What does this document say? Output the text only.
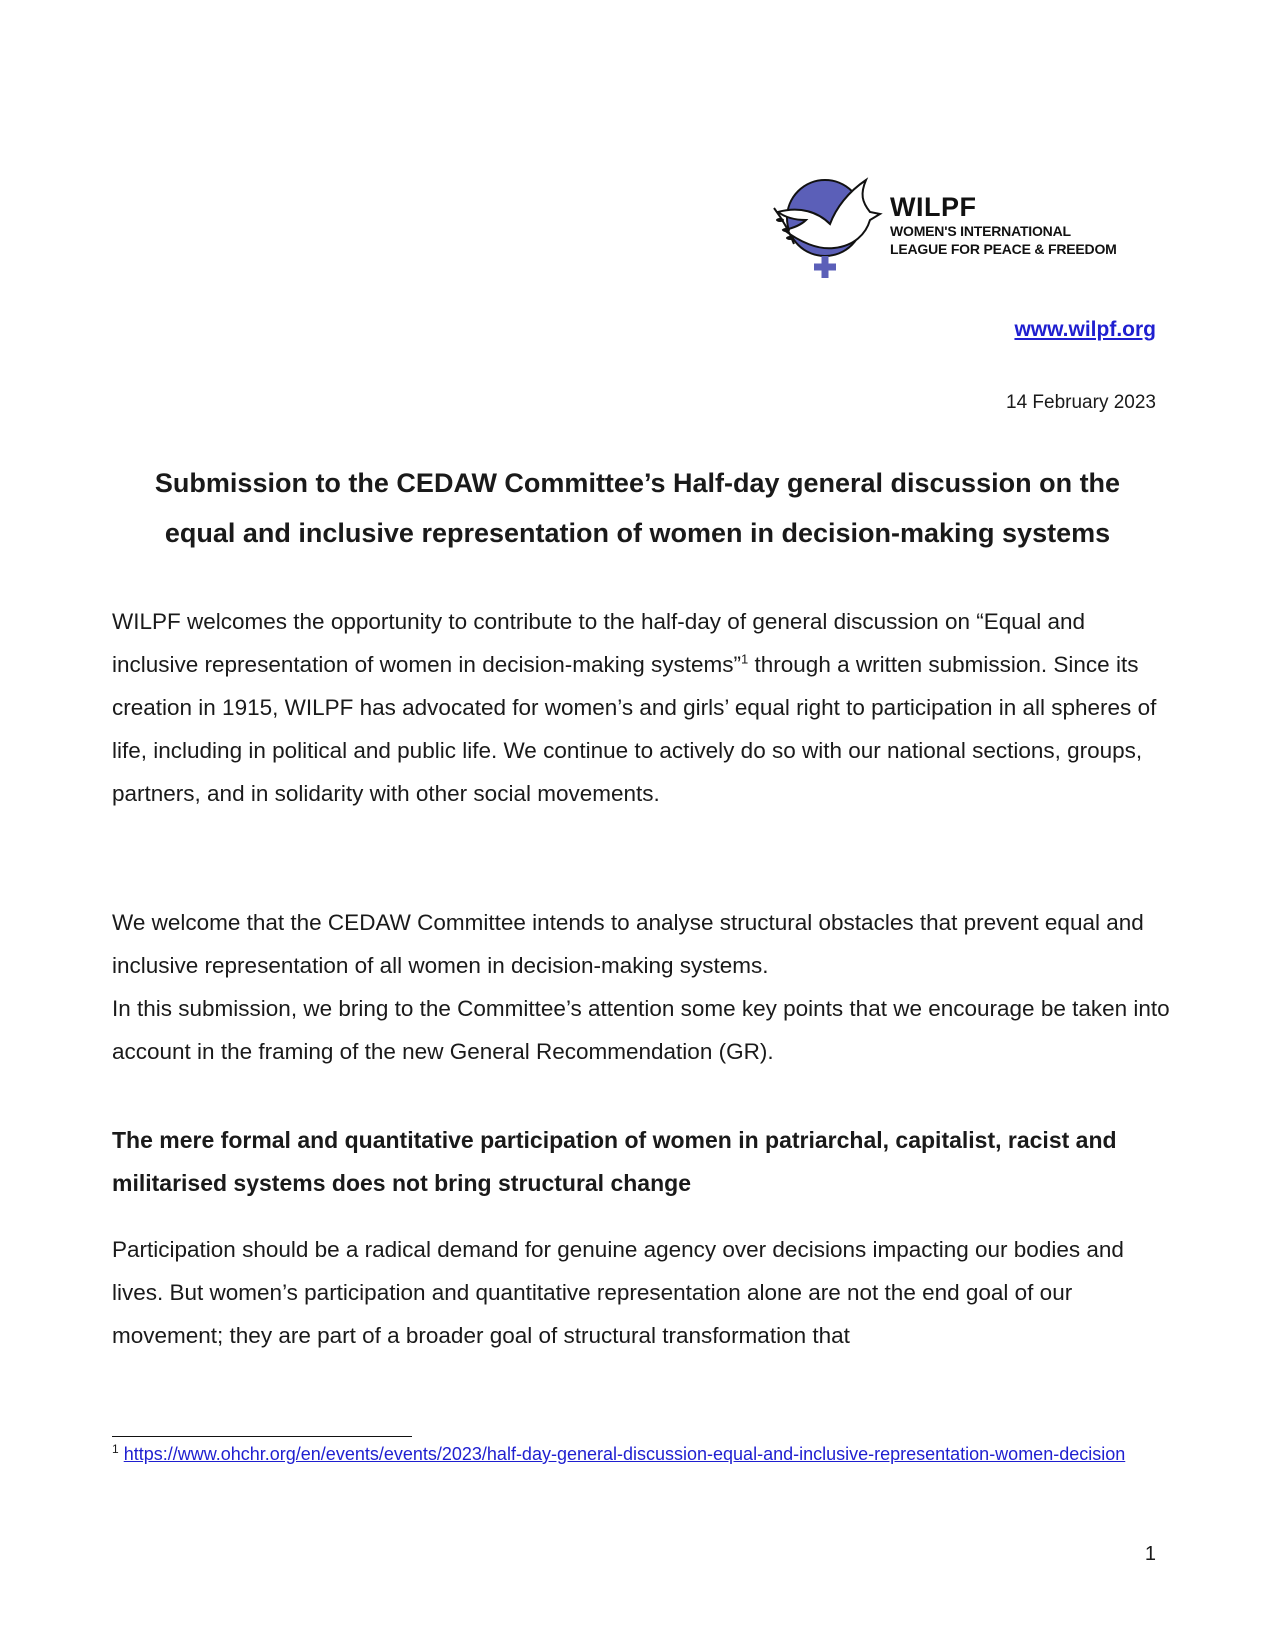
WILPF
WOMEN'S INTERNATIONAL
LEAGUE FOR PEACE & FREEDOM
www.wilpf.org
14 February 2023
Submission to the CEDAW Committee’s Half-day general discussion on the
equal and inclusive representation of women in decision-making systems

WILPF welcomes the opportunity to contribute to the half-day of general discussion on “Equal and inclusive representation of women in decision-making systems”$^1$ through a written submission. Since its creation in 1915, WILPF has advocated for women’s and girls’ equal right to participation in all spheres of life, including in political and public life. We continue to actively do so with our national sections, groups, partners, and in solidarity with other social movements.

We welcome that the CEDAW Committee intends to analyse structural obstacles that prevent equal and inclusive representation of all women in decision-making systems.
In this submission, we bring to the Committee’s attention some key points that we encourage be taken into account in the framing of the new General Recommendation (GR).

The mere formal and quantitative participation of women in patriarchal, capitalist, racist and militarised systems does not bring structural change

Participation should be a radical demand for genuine agency over decisions impacting our bodies and lives. But women’s participation and quantitative representation alone are not the end goal of our movement; they are part of a broader goal of structural transformation that

$^1$ https://www.ohchr.org/en/events/events/2023/half-day-general-discussion-equal-and-inclusive-representation-women-decision
1
